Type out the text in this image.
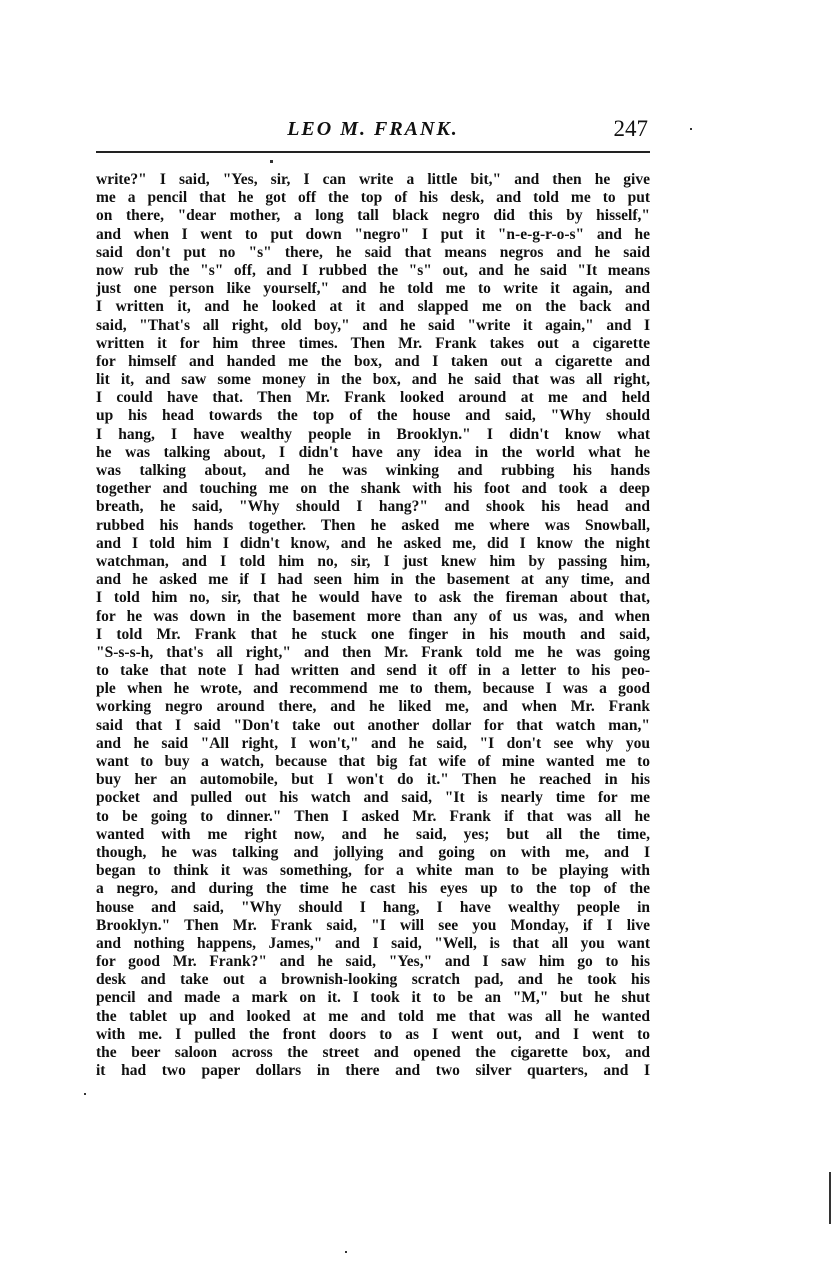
LEO M. FRANK.	247
write?" I said, "Yes, sir, I can write a little bit," and then he give
me a pencil that he got off the top of his desk, and told me to put
on there, "dear mother, a long tall black negro did this by hisself,"
and when I went to put down "negro" I put it "n-e-g-r-o-s" and he
said don't put no "s" there, he said that means negros and he said
now rub the "s" off, and I rubbed the "s" out, and he said "It means
just one person like yourself," and he told me to write it again, and
I written it, and he looked at it and slapped me on the back and
said, "That's all right, old boy," and he said "write it again," and I
written it for him three times. Then Mr. Frank takes out a cigarette
for himself and handed me the box, and I taken out a cigarette and
lit it, and saw some money in the box, and he said that was all right,
I could have that. Then Mr. Frank looked around at me and held
up his head towards the top of the house and said, "Why should
I hang, I have wealthy people in Brooklyn." I didn't know what
he was talking about, I didn't have any idea in the world what he
was talking about, and he was winking and rubbing his hands
together and touching me on the shank with his foot and took a deep
breath, he said, "Why should I hang?" and shook his head and
rubbed his hands together. Then he asked me where was Snowball,
and I told him I didn't know, and he asked me, did I know the night
watchman, and I told him no, sir, I just knew him by passing him,
and he asked me if I had seen him in the basement at any time, and
I told him no, sir, that he would have to ask the fireman about that,
for he was down in the basement more than any of us was, and when
I told Mr. Frank that he stuck one finger in his mouth and said,
"S-s-s-h, that's all right," and then Mr. Frank told me he was going
to take that note I had written and send it off in a letter to his peo-
ple when he wrote, and recommend me to them, because I was a good
working negro around there, and he liked me, and when Mr. Frank
said that I said "Don't take out another dollar for that watch man,"
and he said "All right, I won't," and he said, "I don't see why you
want to buy a watch, because that big fat wife of mine wanted me to
buy her an automobile, but I won't do it." Then he reached in his
pocket and pulled out his watch and said, "It is nearly time for me
to be going to dinner." Then I asked Mr. Frank if that was all he
wanted with me right now, and he said, yes; but all the time,
though, he was talking and jollying and going on with me, and I
began to think it was something, for a white man to be playing with
a negro, and during the time he cast his eyes up to the top of the
house and said, "Why should I hang, I have wealthy people in
Brooklyn." Then Mr. Frank said, "I will see you Monday, if I live
and nothing happens, James," and I said, "Well, is that all you want
for good Mr. Frank?" and he said, "Yes," and I saw him go to his
desk and take out a brownish-looking scratch pad, and he took his
pencil and made a mark on it. I took it to be an "M," but he shut
the tablet up and looked at me and told me that was all he wanted
with me. I pulled the front doors to as I went out, and I went to
the beer saloon across the street and opened the cigarette box, and
it had two paper dollars in there and two silver quarters, and I
